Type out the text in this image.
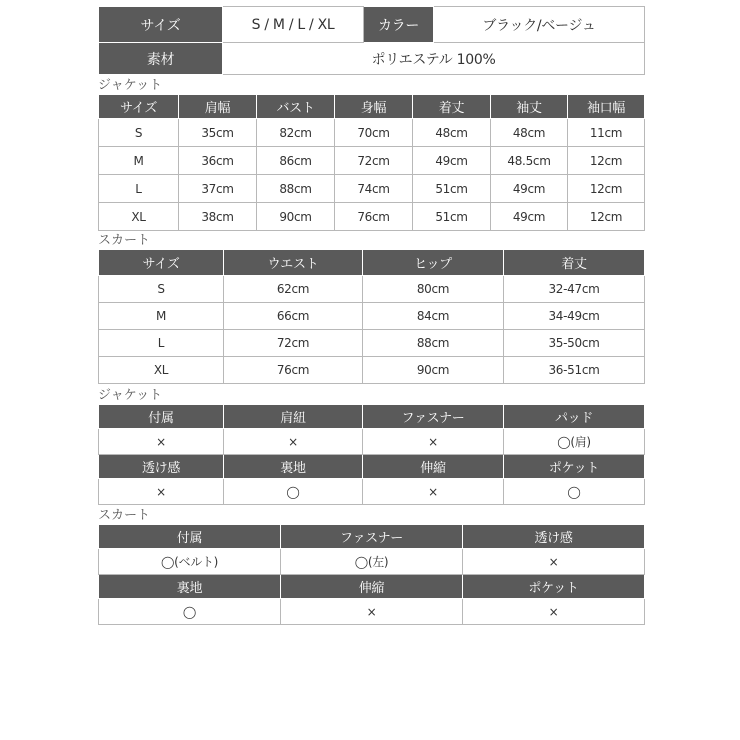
サイズ	S / M / L / XL	カラー	ブラック/ベージュ
素材	ポリエステル 100%		
ジャケット
サイズ	肩幅	バスト	身幅	着丈	袖丈	袖口幅
S	35cm	82cm	70cm	48cm	48cm	11cm
M	36cm	86cm	72cm	49cm	48.5cm	12cm
L	37cm	88cm	74cm	51cm	49cm	12cm
XL	38cm	90cm	76cm	51cm	49cm	12cm
スカート
サイズ	ウエスト	ヒップ	着丈
S	62cm	80cm	32-47cm
M	66cm	84cm	34-49cm
L	72cm	88cm	35-50cm
XL	76cm	90cm	36-51cm
ジャケット
付属	肩紐	ファスナー	パッド
×	×	×	◯(肩)
透け感	裏地	伸縮	ポケット
×	◯	×	◯
スカート
付属	ファスナー	透け感
◯(ベルト)	◯(左)	×
裏地	伸縮	ポケット
◯	×	×
